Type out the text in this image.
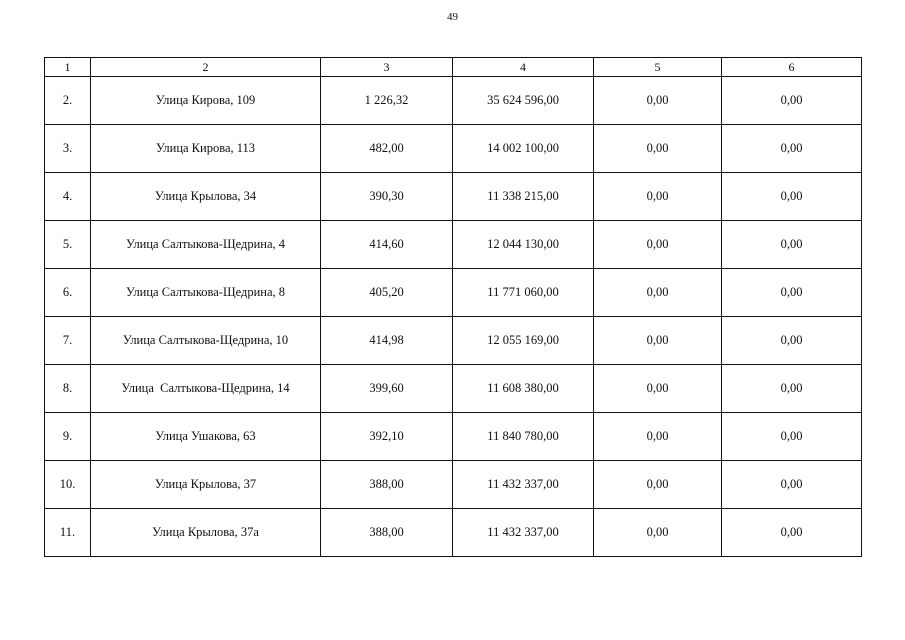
49
1	2	3	4	5	6
2.	Улица Кирова, 109	1 226,32	35 624 596,00	0,00	0,00
3.	Улица Кирова, 113	482,00	14 002 100,00	0,00	0,00
4.	Улица Крылова, 34	390,30	11 338 215,00	0,00	0,00
5.	Улица Салтыкова-Щедрина, 4	414,60	12 044 130,00	0,00	0,00
6.	Улица Салтыкова-Щедрина, 8	405,20	11 771 060,00	0,00	0,00
7.	Улица Салтыкова-Щедрина, 10	414,98	12 055 169,00	0,00	0,00
8.	Улица  Салтыкова-Щедрина, 14	399,60	11 608 380,00	0,00	0,00
9.	Улица Ушакова, 63	392,10	11 840 780,00	0,00	0,00
10.	Улица Крылова, 37	388,00	11 432 337,00	0,00	0,00
11.	Улица Крылова, 37а	388,00	11 432 337,00	0,00	0,00
